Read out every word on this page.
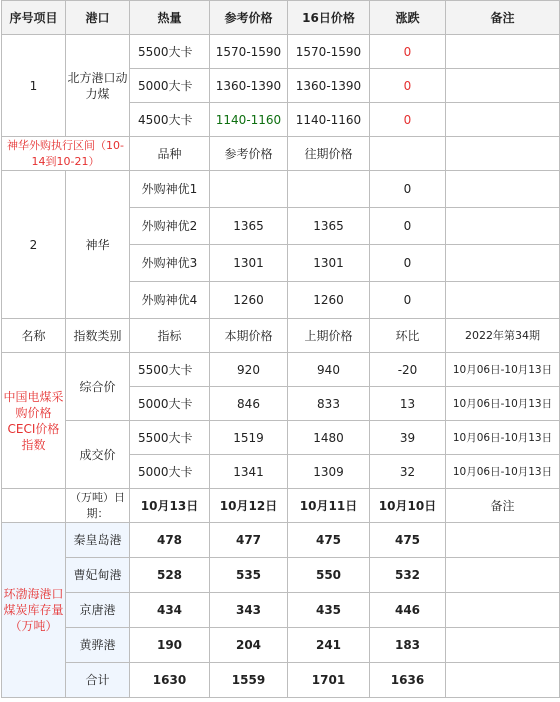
序号项目	港口	热量	参考价格	16日价格	涨跌	备注
1	北方港口动力煤	5500大卡	1570-1590	1570-1590	0	
		5000大卡	1360-1390	1360-1390	0	
		4500大卡	1140-1160	1140-1160	0	
神华外购执行区间（10-14到10-21）		品种	参考价格	往期价格		
2	神华	外购神优1			0	
		外购神优2	1365	1365	0	
		外购神优3	1301	1301	0	
		外购神优4	1260	1260	0	
名称	指数类别	指标	本期价格	上期价格	环比	2022年第34期
中国电煤采购价格CECI价格指数	综合价	5500大卡	920	940	-20	10月06日-10月13日
		5000大卡	846	833	13	10月06日-10月13日
	成交价	5500大卡	1519	1480	39	10月06日-10月13日
		5000大卡	1341	1309	32	10月06日-10月13日
	（万吨）日期：	10月13日	10月12日	10月11日	10月10日	备注
环渤海港口煤炭库存量（万吨）	秦皇岛港	478	477	475	475	
	曹妃甸港	528	535	550	532	
	京唐港	434	343	435	446	
	黄骅港	190	204	241	183	
	合计	1630	1559	1701	1636	
